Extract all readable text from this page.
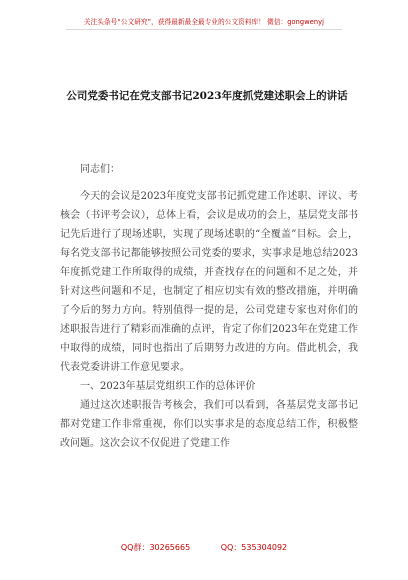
关注头条号“公文研究”，获得最新最全最专业的公文资料库！ 微信：gongwenyj
公司党委书记在党支部书记2023年度抓党建述职会上的讲话

同志们：

今天的会议是2023年度党支部书记抓党建工作述职、评议、考核会（书评考会议），总体上看，会议是成功的会上，基层党支部书记先后进行了现场述职，实现了现场述职的“全覆盖”目标。会上，每名党支部书记都能够按照公司党委的要求，实事求是地总结2023年度抓党建工作所取得的成绩，并查找存在的问题和不足之处，并针对这些问题和不足，也制定了相应切实有效的整改措施，并明确了今后的努力方向。特别值得一提的是，公司党建专家也对你们的述职报告进行了精彩而准确的点评，肯定了你们2023年在党建工作中取得的成绩，同时也指出了后期努力改进的方向。借此机会，我代表党委讲讲工作意见要求。

一、2023年基层党组织工作的总体评价

通过这次述职报告考核会，我们可以看到，各基层党支部书记都对党建工作非常重视，你们以实事求是的态度总结工作，积极整改问题。这次会议不仅促进了党建工作

QQ群：30265665	QQ：535304092
